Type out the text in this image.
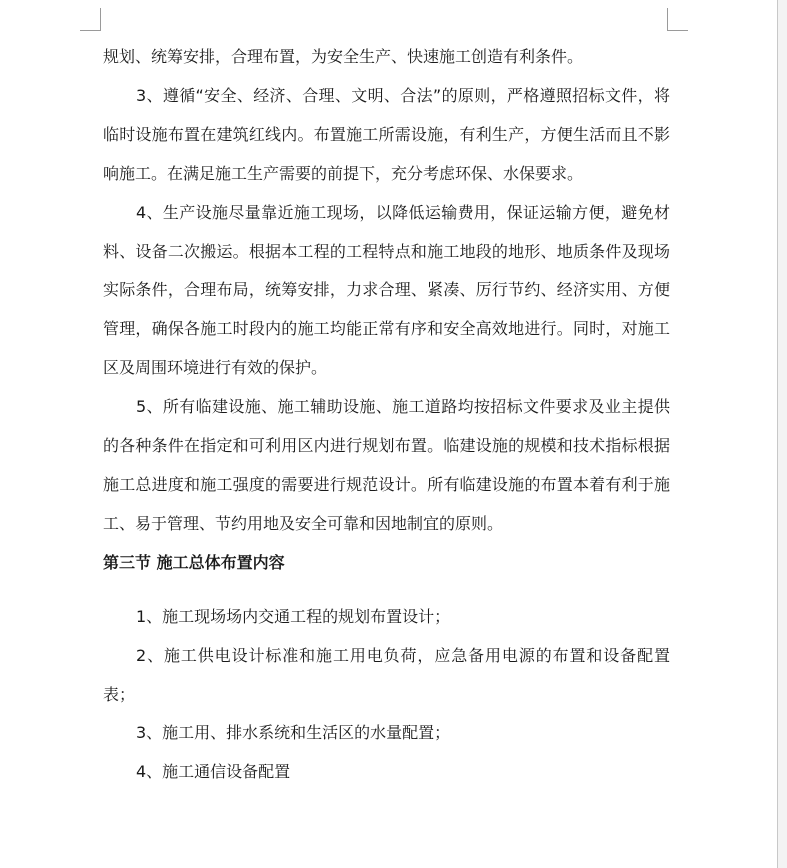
规划、统筹安排，合理布置，为安全生产、快速施工创造有利条件。

3、遵循“安全、经济、合理、文明、合法”的原则，严格遵照招标文件，将临时设施布置在建筑红线内。布置施工所需设施，有利生产，方便生活而且不影响施工。在满足施工生产需要的前提下，充分考虑环保、水保要求。

4、生产设施尽量靠近施工现场，以降低运输费用，保证运输方便，避免材料、设备二次搬运。根据本工程的工程特点和施工地段的地形、地质条件及现场实际条件，合理布局，统筹安排，力求合理、紧凑、厉行节约、经济实用、方便管理，确保各施工时段内的施工均能正常有序和安全高效地进行。同时，对施工区及周围环境进行有效的保护。

5、所有临建设施、施工辅助设施、施工道路均按招标文件要求及业主提供的各种条件在指定和可利用区内进行规划布置。临建设施的规模和技术指标根据施工总进度和施工强度的需要进行规范设计。所有临建设施的布置本着有利于施工、易于管理、节约用地及安全可靠和因地制宜的原则。

第三节 施工总体布置内容

1、施工现场场内交通工程的规划布置设计；

2、施工供电设计标准和施工用电负荷，应急备用电源的布置和设备配置表；

3、施工用、排水系统和生活区的水量配置；

4、施工通信设备配置
